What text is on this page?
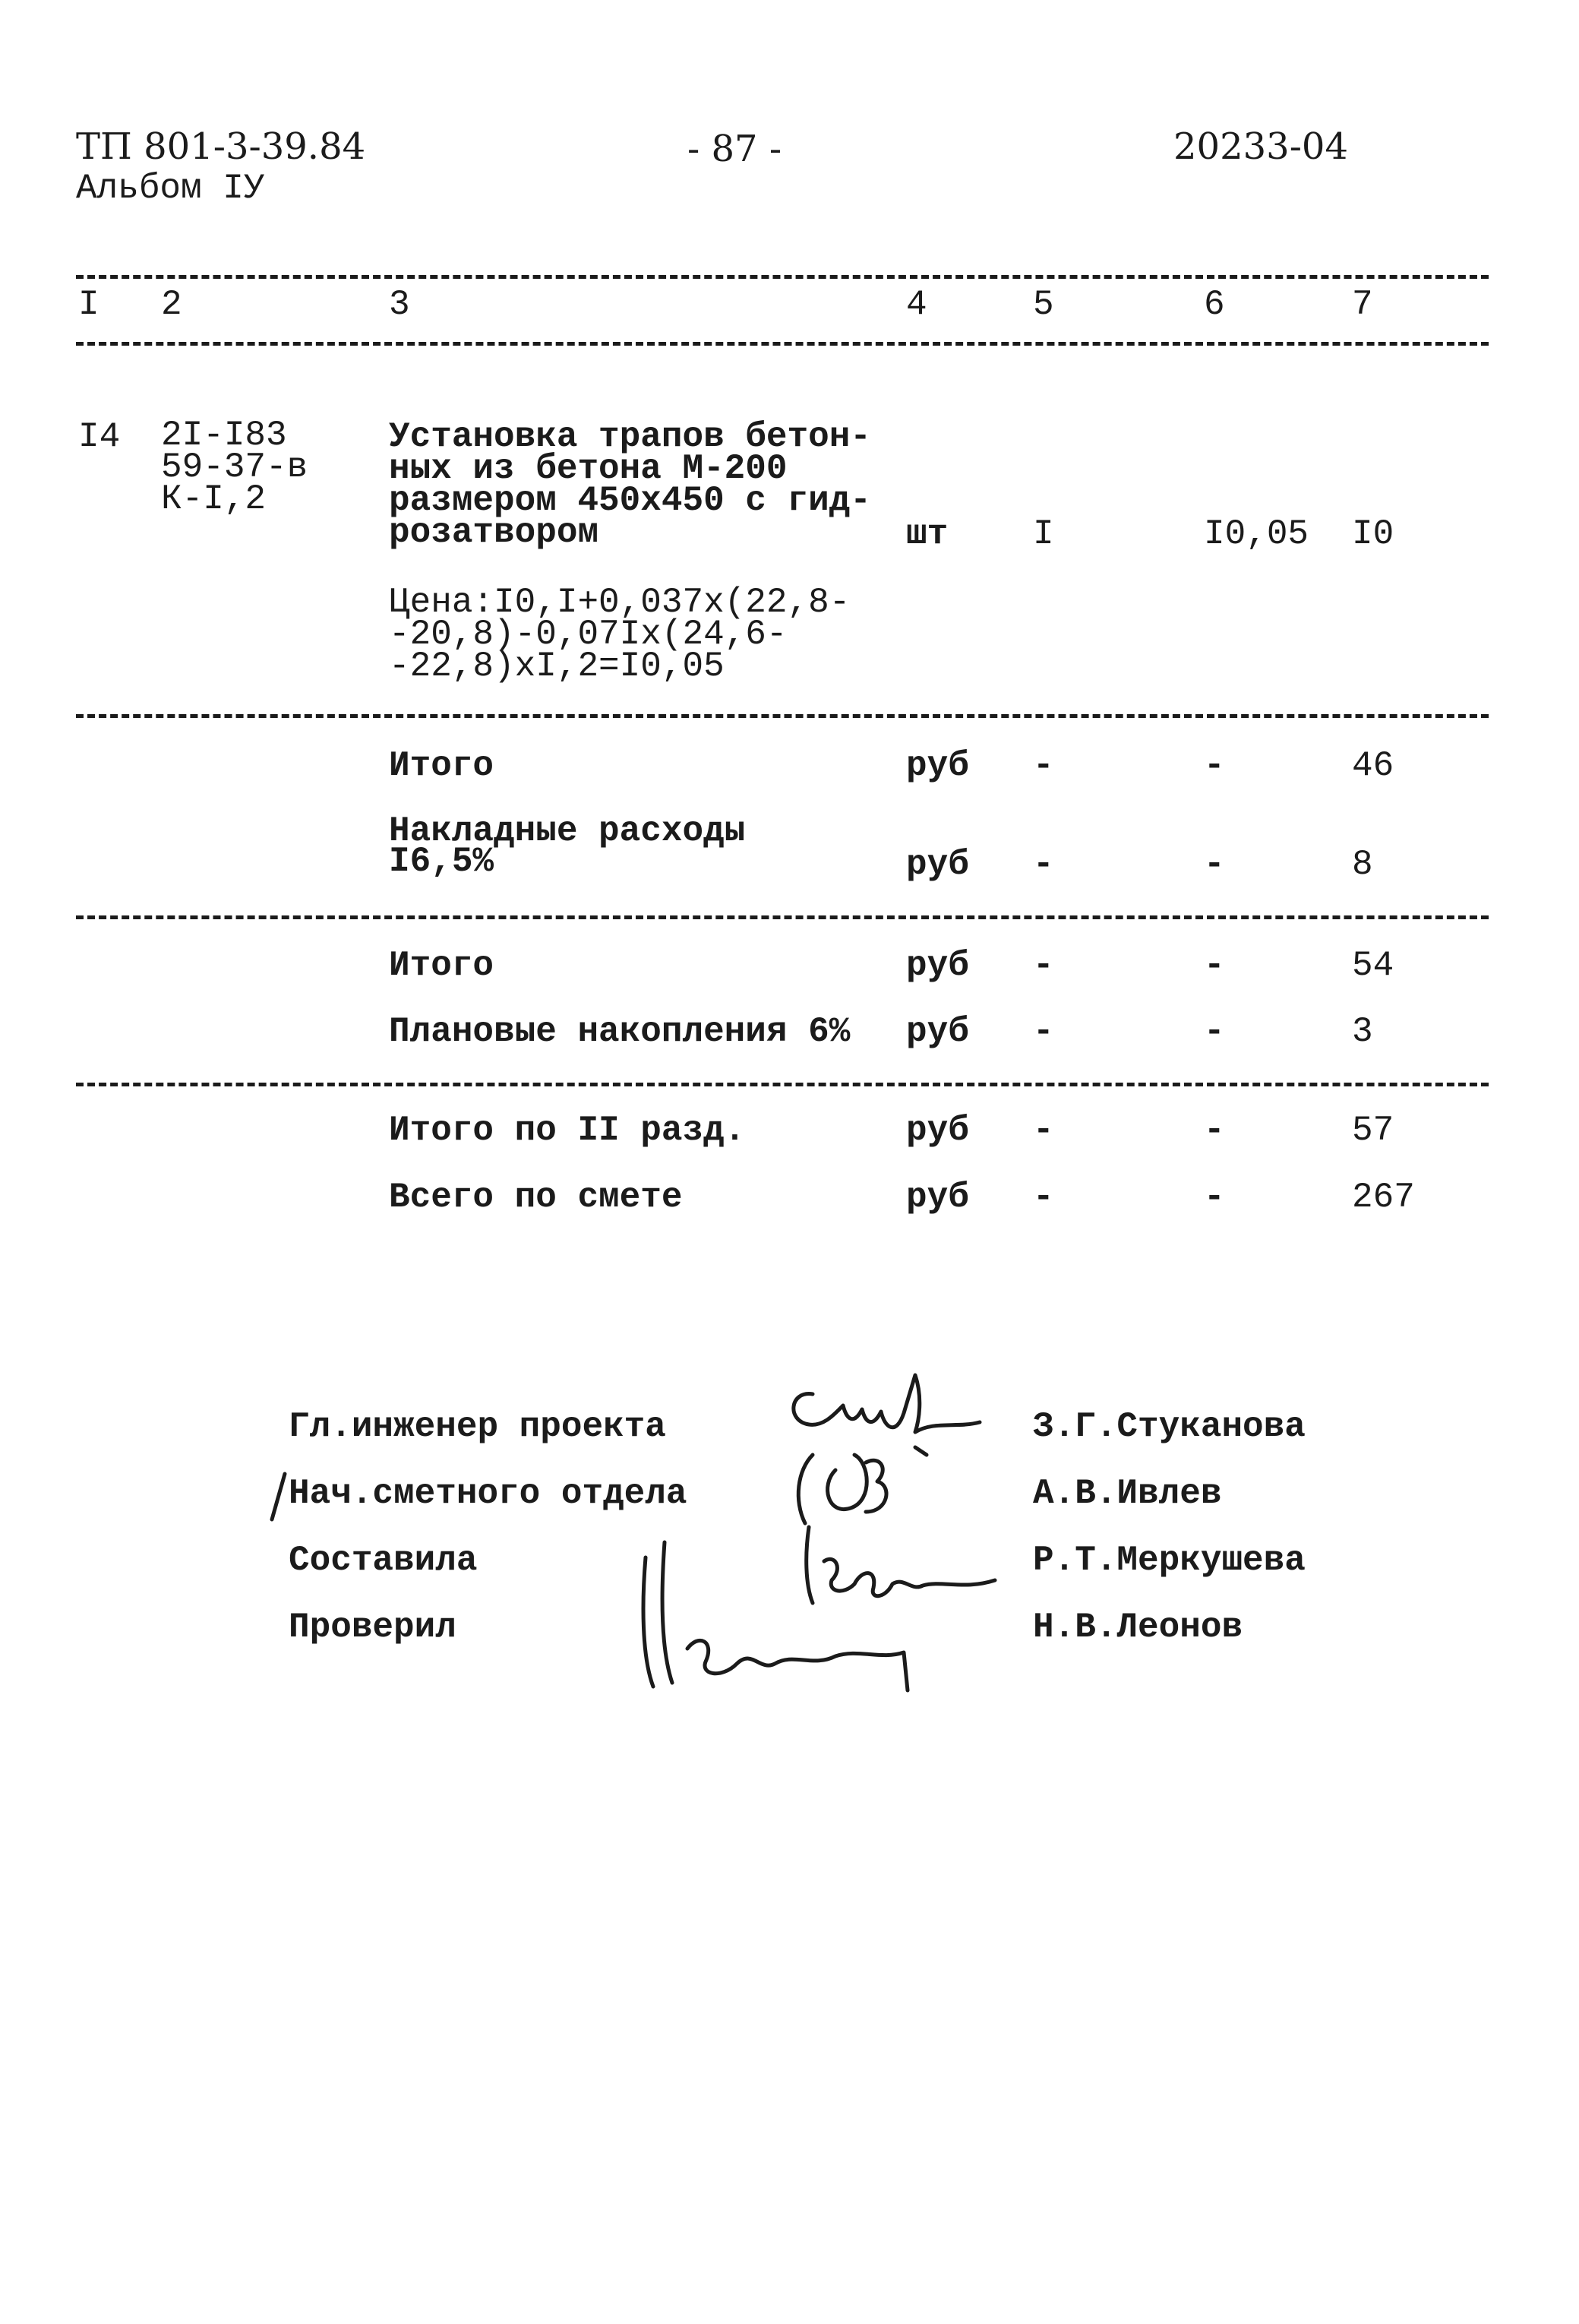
ТП 801-3-39.84
Альбом IУ
- 87 -	20233-04
I 2	3	4	5	6	7
I4 2I-I83
59-37-в
К-I,2
Установка трапов бетон-
ных из бетона М-200
размером 450х450 с гид-
розатвором	шт I	I0,05 I0
Цена:I0,I+0,037х(22,8-
-20,8)-0,07Iх(24,6-
-22,8)хI,2=I0,05
Итого	руб -	-	46
Накладные расходы I6,5%	руб -	-	8
Итого	руб -	-	54
Плановые накопления 6% руб -	-	3
Итого по II разд.	руб -	-	57
Всего по смете	руб -	-	267
Гл.инженер проекта	З.Г.Стуканова
Нач.сметного отдела	А.В.Ивлев
Составила	Р.Т.Меркушева
Проверил	Н.В.Леонов
